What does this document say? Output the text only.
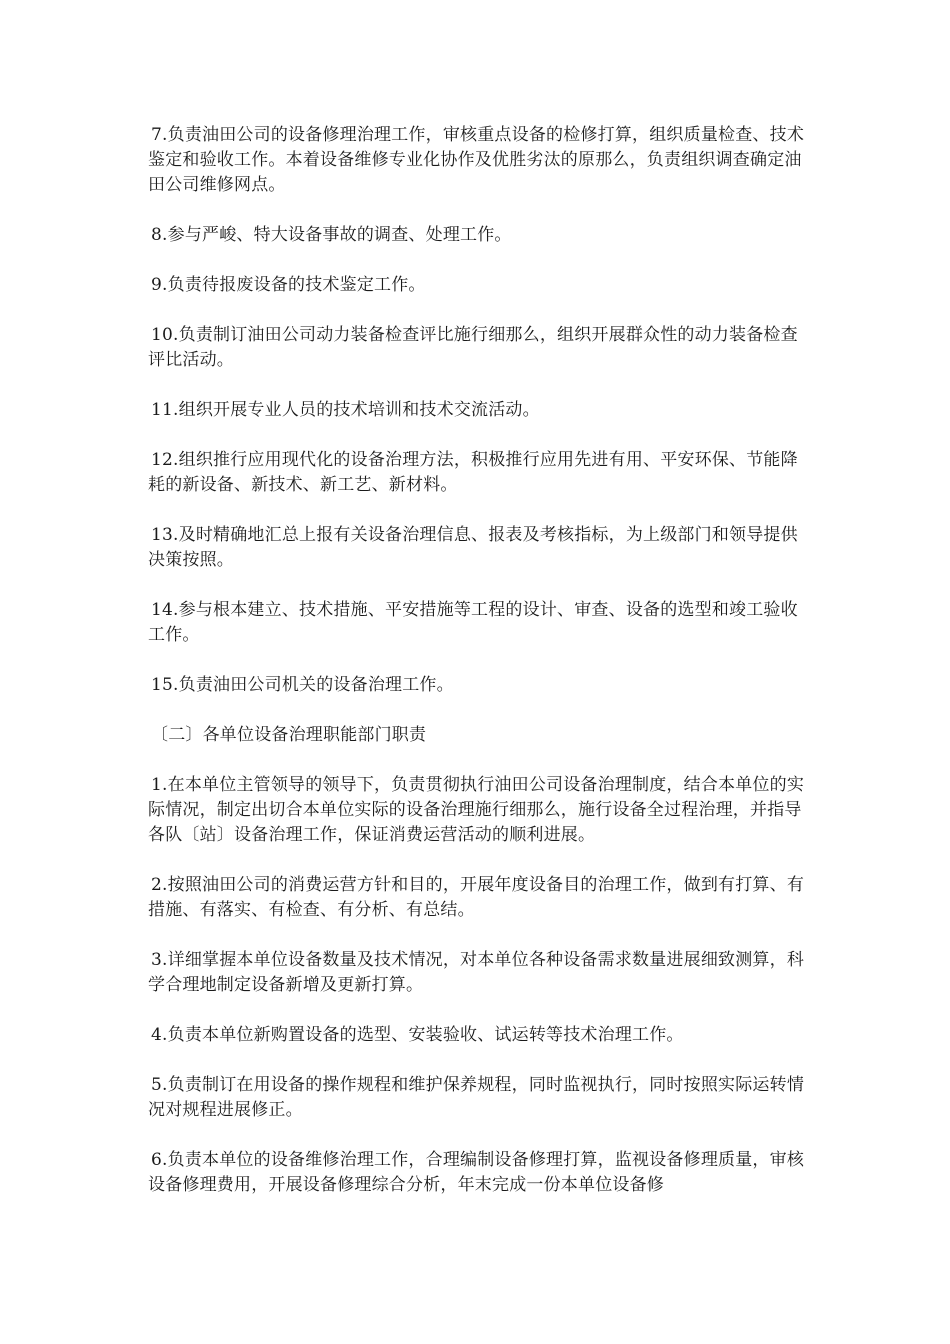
7.负责油田公司的设备修理治理工作，审核重点设备的检修打算，组织质量检查、技术鉴定和验收工作。本着设备维修专业化协作及优胜劣汰的原那么，负责组织调查确定油田公司维修网点。

8.参与严峻、特大设备事故的调查、处理工作。

9.负责待报废设备的技术鉴定工作。

10.负责制订油田公司动力装备检查评比施行细那么，组织开展群众性的动力装备检查评比活动。

11.组织开展专业人员的技术培训和技术交流活动。

12.组织推行应用现代化的设备治理方法，积极推行应用先进有用、平安环保、节能降耗的新设备、新技术、新工艺、新材料。

13.及时精确地汇总上报有关设备治理信息、报表及考核指标，为上级部门和领导提供决策按照。

14.参与根本建立、技术措施、平安措施等工程的设计、审查、设备的选型和竣工验收工作。

15.负责油田公司机关的设备治理工作。

〔二〕各单位设备治理职能部门职责

1.在本单位主管领导的领导下，负责贯彻执行油田公司设备治理制度，结合本单位的实际情况，制定出切合本单位实际的设备治理施行细那么，施行设备全过程治理，并指导各队〔站〕设备治理工作，保证消费运营活动的顺利进展。

2.按照油田公司的消费运营方针和目的，开展年度设备目的治理工作，做到有打算、有措施、有落实、有检查、有分析、有总结。

3.详细掌握本单位设备数量及技术情况，对本单位各种设备需求数量进展细致测算，科学合理地制定设备新增及更新打算。

4.负责本单位新购置设备的选型、安装验收、试运转等技术治理工作。

5.负责制订在用设备的操作规程和维护保养规程，同时监视执行，同时按照实际运转情况对规程进展修正。

6.负责本单位的设备维修治理工作，合理编制设备修理打算，监视设备修理质量，审核设备修理费用，开展设备修理综合分析，年末完成一份本单位设备修
